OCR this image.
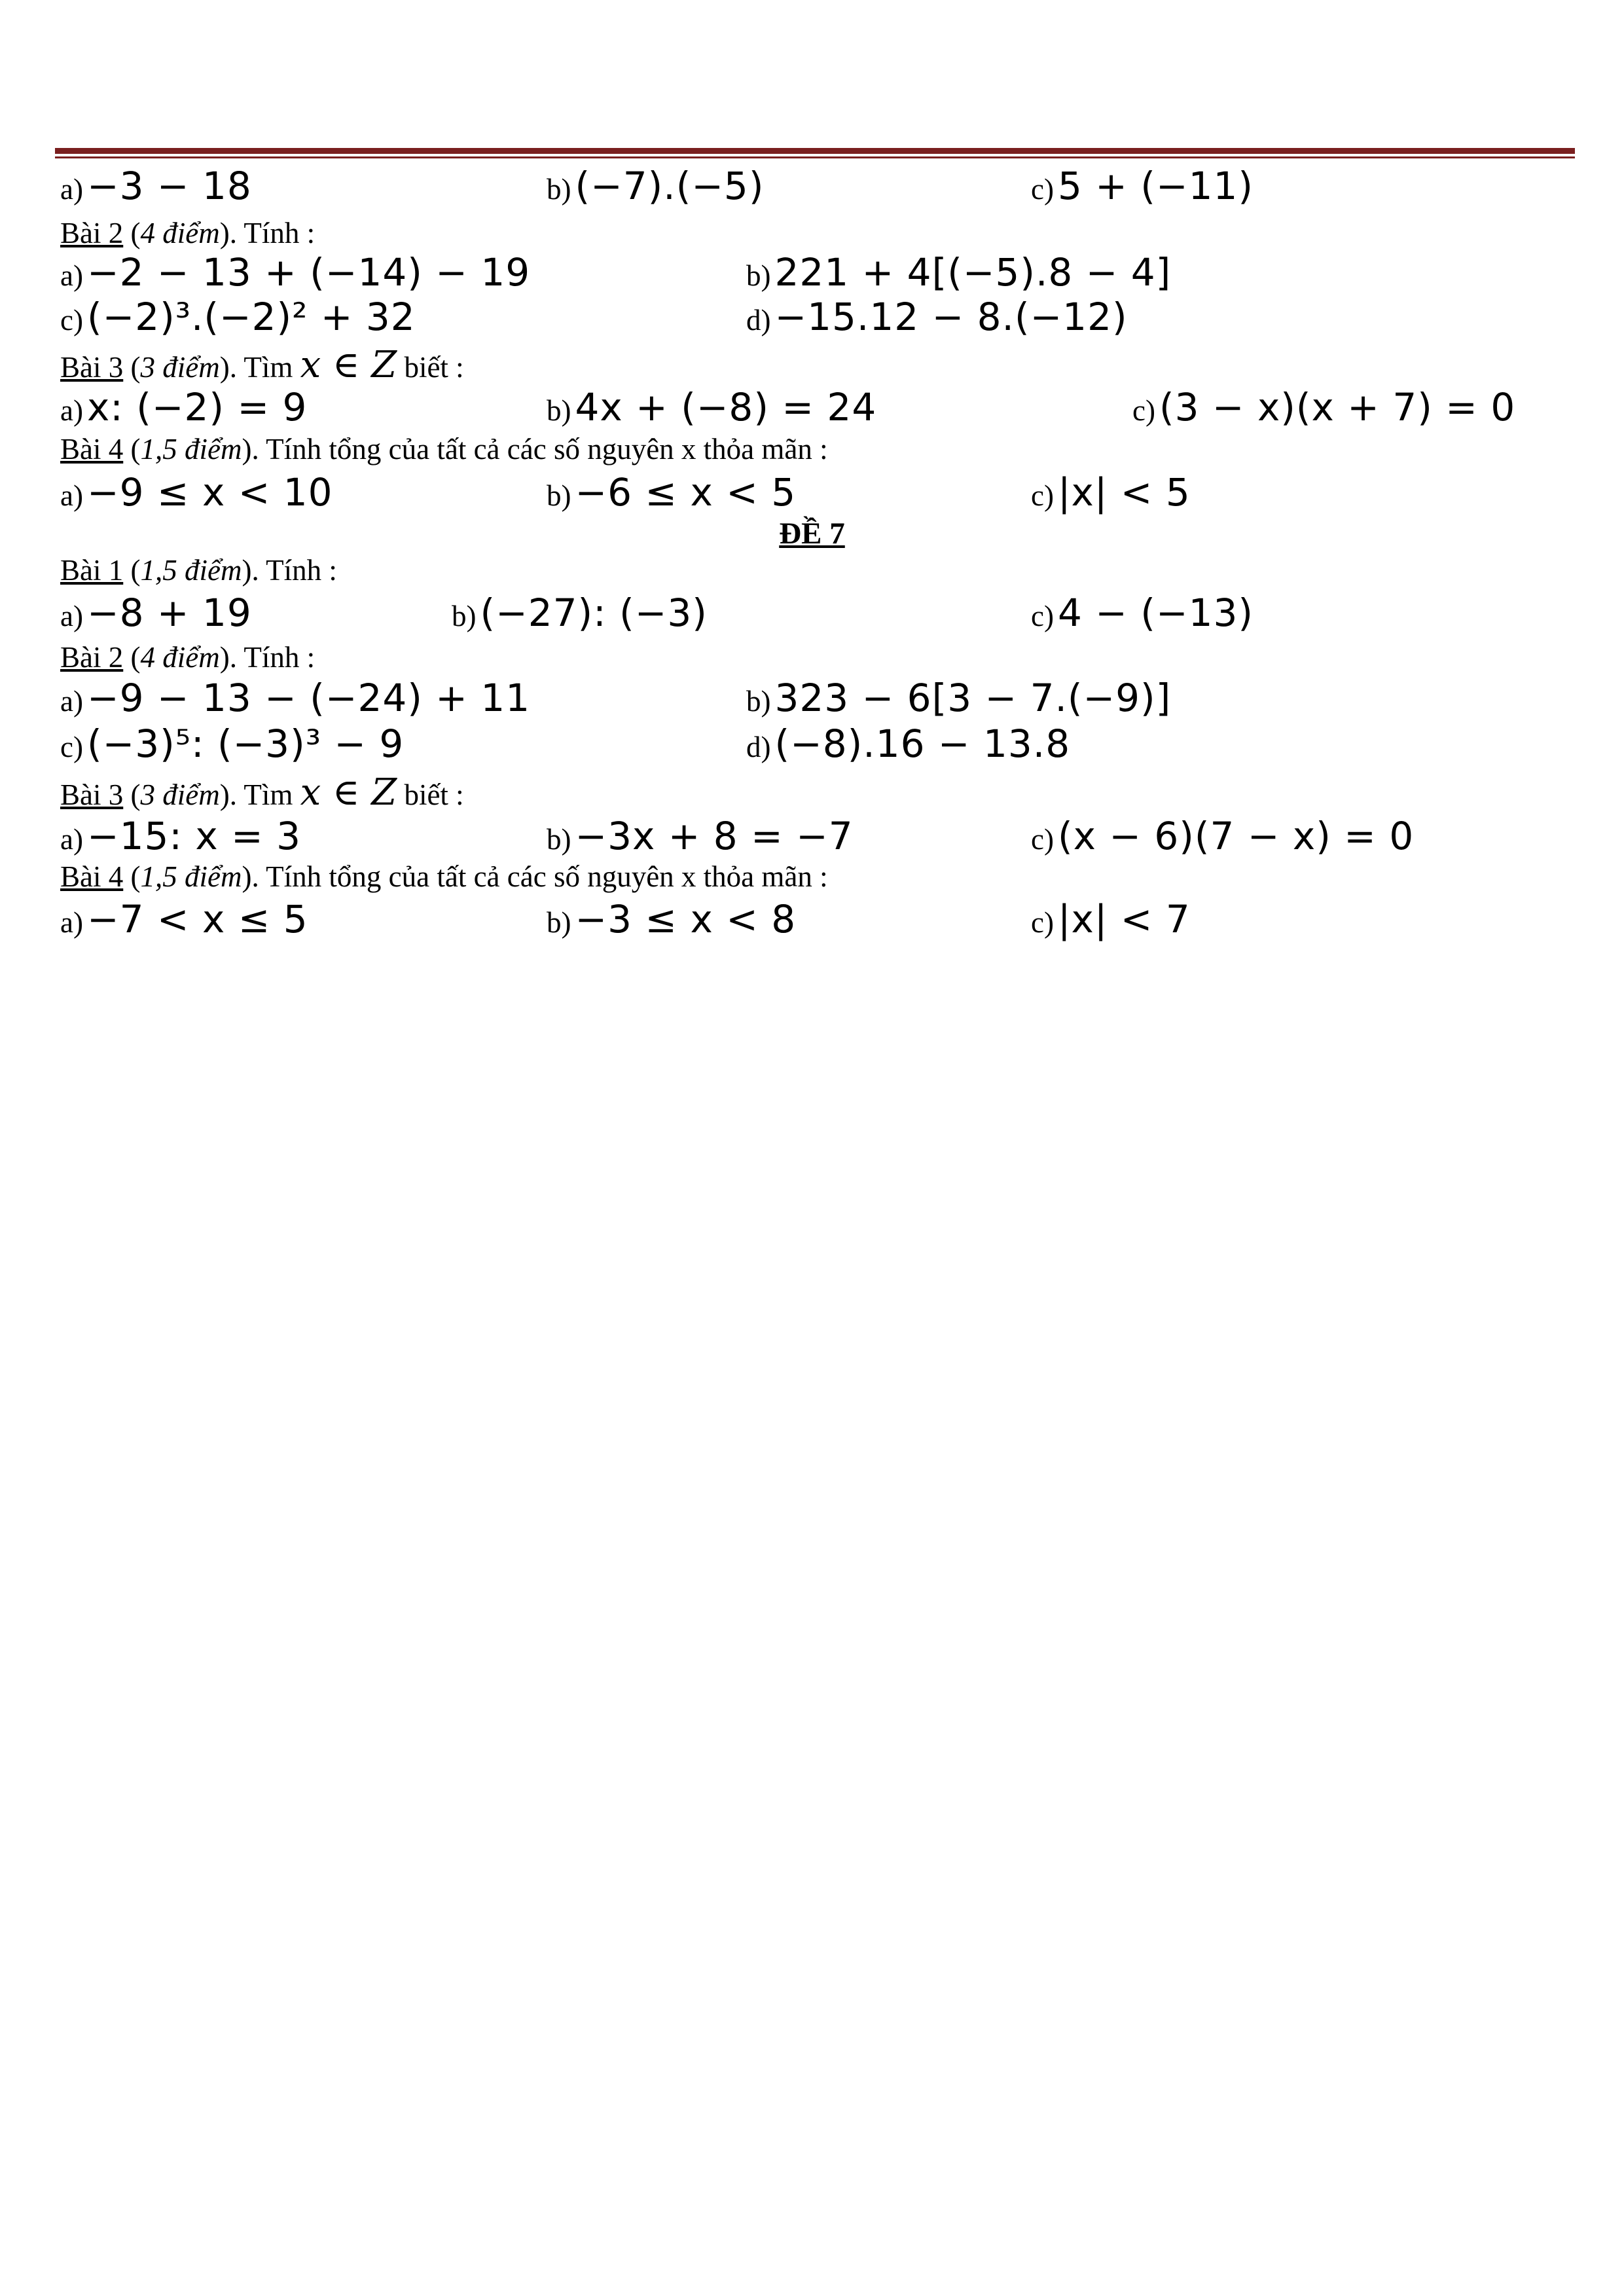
a) −3 − 18	b) (−7).(−5)	c) 5 + (−11)
Bài 2 (4 điểm). Tính :
a) −2 − 13 + (−14) − 19	b) 221 + 4[(−5).8 − 4]
c) (−2)³.(−2)² + 32	d) −15.12 − 8.(−12)
Bài 3 (3 điểm). Tìm x ∈ Z biết :
a) x: (−2) = 9	b) 4x + (−8) = 24	c) (3 − x)(x + 7) = 0
Bài 4 (1,5 điểm). Tính tổng của tất cả các số nguyên x thỏa mãn :
a) −9 ≤ x < 10	b) −6 ≤ x < 5	c) |x| < 5
ĐỀ 7
Bài 1 (1,5 điểm). Tính :
a) −8 + 19	b) (−27): (−3)	c) 4 − (−13)
Bài 2 (4 điểm). Tính :
a) −9 − 13 − (−24) + 11	b) 323 − 6[3 − 7.(−9)]
c) (−3)⁵: (−3)³ − 9	d) (−8).16 − 13.8
Bài 3 (3 điểm). Tìm x ∈ Z biết :
a) −15: x = 3	b) −3x + 8 = −7	c) (x − 6)(7 − x) = 0
Bài 4 (1,5 điểm). Tính tổng của tất cả các số nguyên x thỏa mãn :
a) −7 < x ≤ 5	b) −3 ≤ x < 8	c) |x| < 7
